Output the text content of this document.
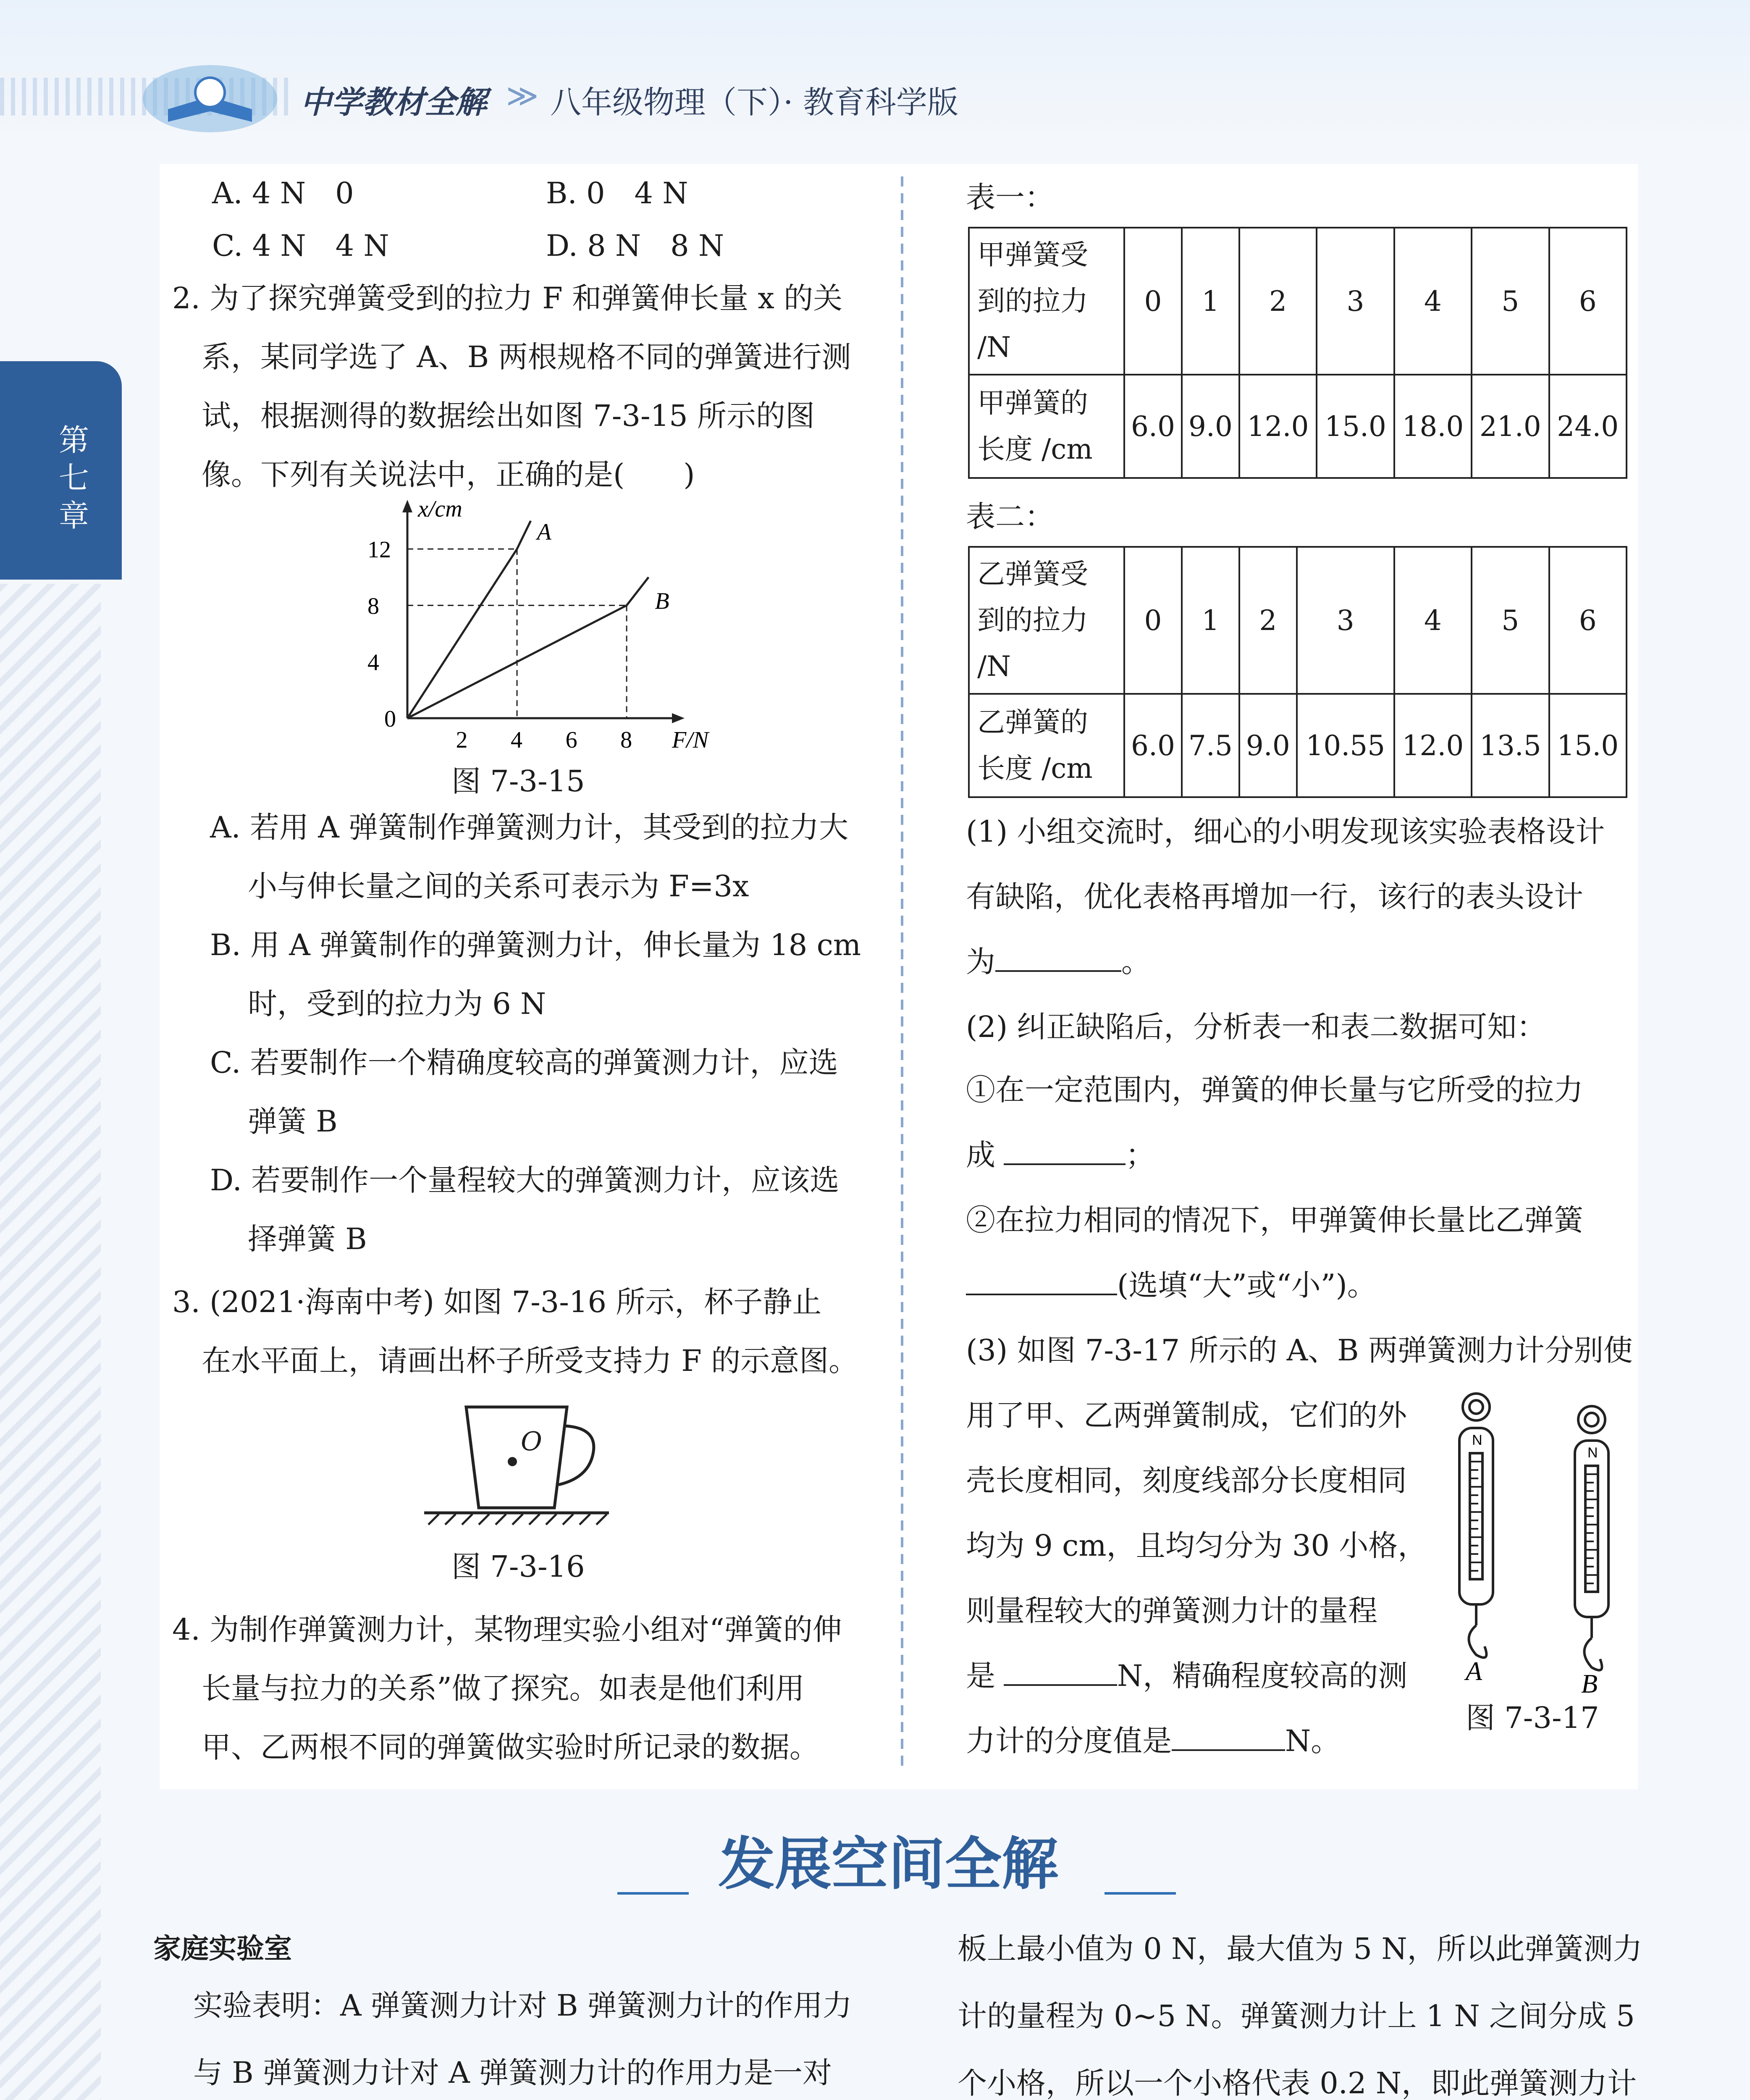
中学教材全解 ≫ 八年级物理（下）· 教育科学版
第
七
章
A. 4 N　0	B. 0　4 N
C. 4 N　4 N	D. 8 N　8 N
2. 为了探究弹簧受到的拉力 F 和弹簧伸长量 x 的关
系，某同学选了 A、B 两根规格不同的弹簧进行测
试，根据测得的数据绘出如图 7-3-15 所示的图
像。下列有关说法中，正确的是(　　)
F/N
x/cm
0
2 4 6 8
4
8
12
A
B
图 7-3-15
A. 若用 A 弹簧制作弹簧测力计，其受到的拉力大
小与伸长量之间的关系可表示为 F=3x
B. 用 A 弹簧制作的弹簧测力计，伸长量为 18 cm
时，受到的拉力为 6 N
C. 若要制作一个精确度较高的弹簧测力计，应选
弹簧 B
D. 若要制作一个量程较大的弹簧测力计，应该选
择弹簧 B
3. (2021·海南中考) 如图 7-3-16 所示，杯子静止
在水平面上，请画出杯子所受支持力 F 的示意图。
O
图 7-3-16
4. 为制作弹簧测力计，某物理实验小组对“弹簧的伸
长量与拉力的关系”做了探究。如表是他们利用
甲、乙两根不同的弹簧做实验时所记录的数据。
表一：
甲弹簧受
到的拉力
/N	0	1	2	3	4	5	6
甲弹簧的
长度 /cm	6.0	9.0	12.0	15.0	18.0	21.0	24.0
表二：
乙弹簧受
到的拉力
/N	0	1	2	3	4	5	6
乙弹簧的
长度 /cm	6.0	7.5	9.0	10.55	12.0	13.5	15.0
(1) 小组交流时，细心的小明发现该实验表格设计
有缺陷，优化表格再增加一行，该行的表头设计
为	。
(2) 纠正缺陷后，分析表一和表二数据可知：
①在一定范围内，弹簧的伸长量与它所受的拉力
成	；
②在拉力相同的情况下，甲弹簧伸长量比乙弹簧
(选填“大”或“小”)。
(3) 如图 7-3-17 所示的 A、B 两弹簧测力计分别使
用了甲、乙两弹簧制成，它们的外
壳长度相同，刻度线部分长度相同
均为 9 cm，且均匀分为 30 小格，
则量程较大的弹簧测力计的量程
是	N，精确程度较高的测
力计的分度值是	N。
N
N
A	B
图 7-3-17
发展空间全解
家庭实验室
实验表明：A 弹簧测力计对 B 弹簧测力计的作用力
与 B 弹簧测力计对 A 弹簧测力计的作用力是一对
板上最小值为 0 N，最大值为 5 N，所以此弹簧测力
计的量程为 0~5 N。弹簧测力计上 1 N 之间分成 5
个小格，所以一个小格代表 0.2 N，即此弹簧测力计
